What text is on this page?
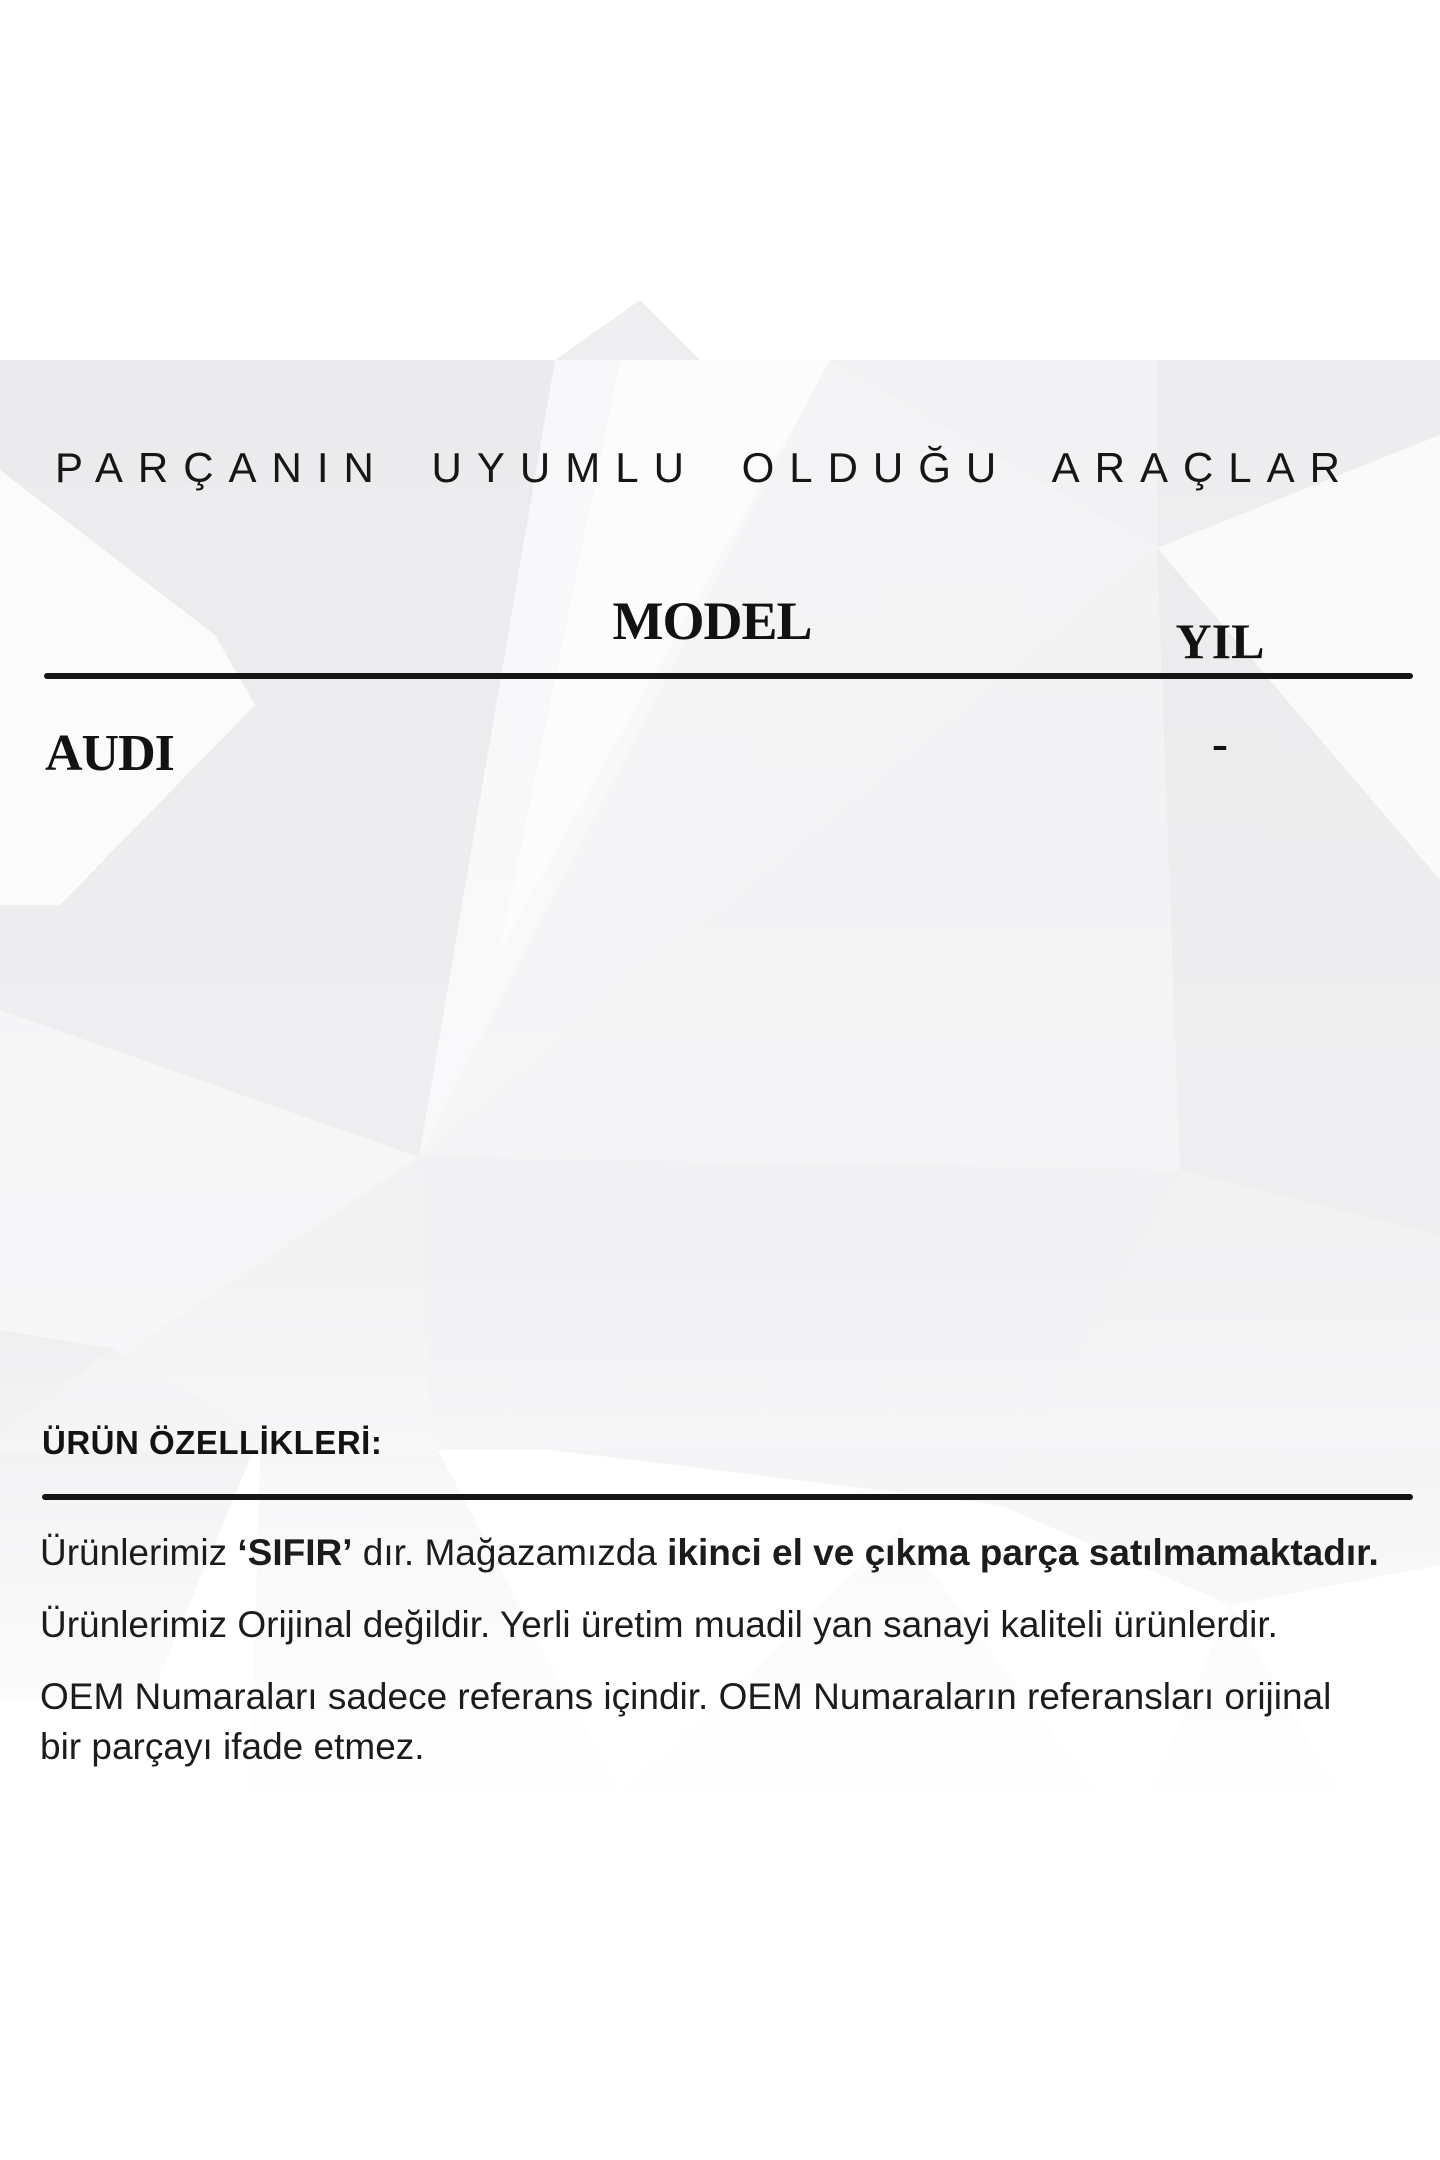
PARÇANIN UYUMLU OLDUĞU ARAÇLAR
MODEL	YIL
AUDI	-
ÜRÜN ÖZELLİKLERİ:
Ürünlerimiz ‘SIFIR’ dır. Mağazamızda ikinci el ve çıkma parça satılmamaktadır.
Ürünlerimiz Orijinal değildir. Yerli üretim muadil yan sanayi kaliteli ürünlerdir.
OEM Numaraları sadece referans içindir. OEM Numaraların referansları orijinal
bir parçayı ifade etmez.
